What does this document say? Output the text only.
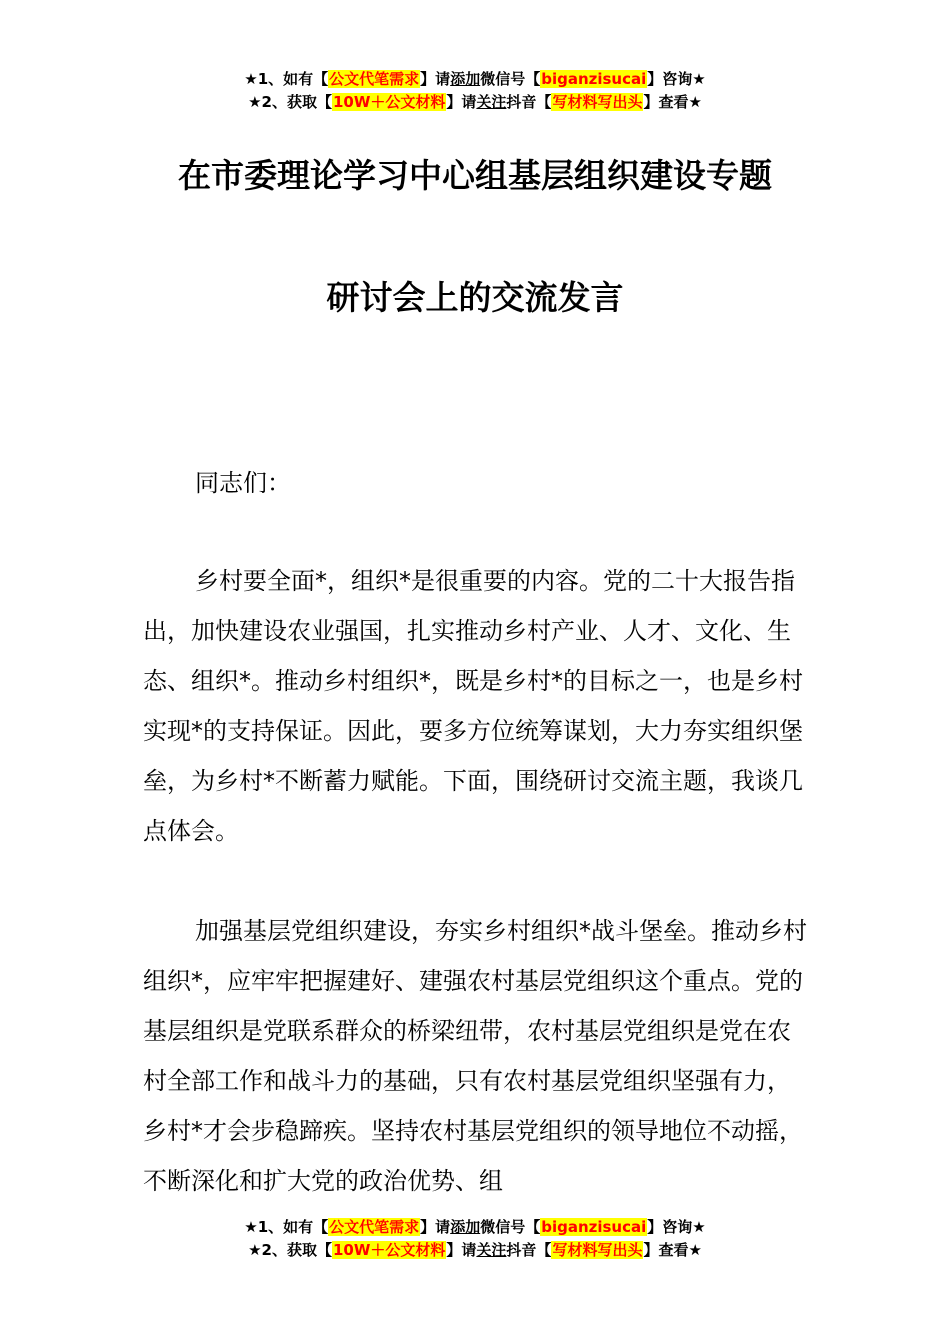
★1、如有【公文代笔需求】请添加微信号【biganzisucai】咨询★
★2、获取【10W＋公文材料】请关注抖音【写材料写出头】查看★
在市委理论学习中心组基层组织建设专题
研讨会上的交流发言

同志们：

乡村要全面*，组织*是很重要的内容。党的二十大报告指出，加快建设农业强国，扎实推动乡村产业、人才、文化、生态、组织*。推动乡村组织*，既是乡村*的目标之一，也是乡村实现*的支持保证。因此，要多方位统筹谋划，大力夯实组织堡垒，为乡村*不断蓄力赋能。下面，围绕研讨交流主题，我谈几点体会。

加强基层党组织建设，夯实乡村组织*战斗堡垒。推动乡村组织*，应牢牢把握建好、建强农村基层党组织这个重点。党的基层组织是党联系群众的桥梁纽带，农村基层党组织是党在农村全部工作和战斗力的基础，只有农村基层党组织坚强有力，乡村*才会步稳蹄疾。坚持农村基层党组织的领导地位不动摇，不断深化和扩大党的政治优势、组

★1、如有【公文代笔需求】请添加微信号【biganzisucai】咨询★
★2、获取【10W＋公文材料】请关注抖音【写材料写出头】查看★
